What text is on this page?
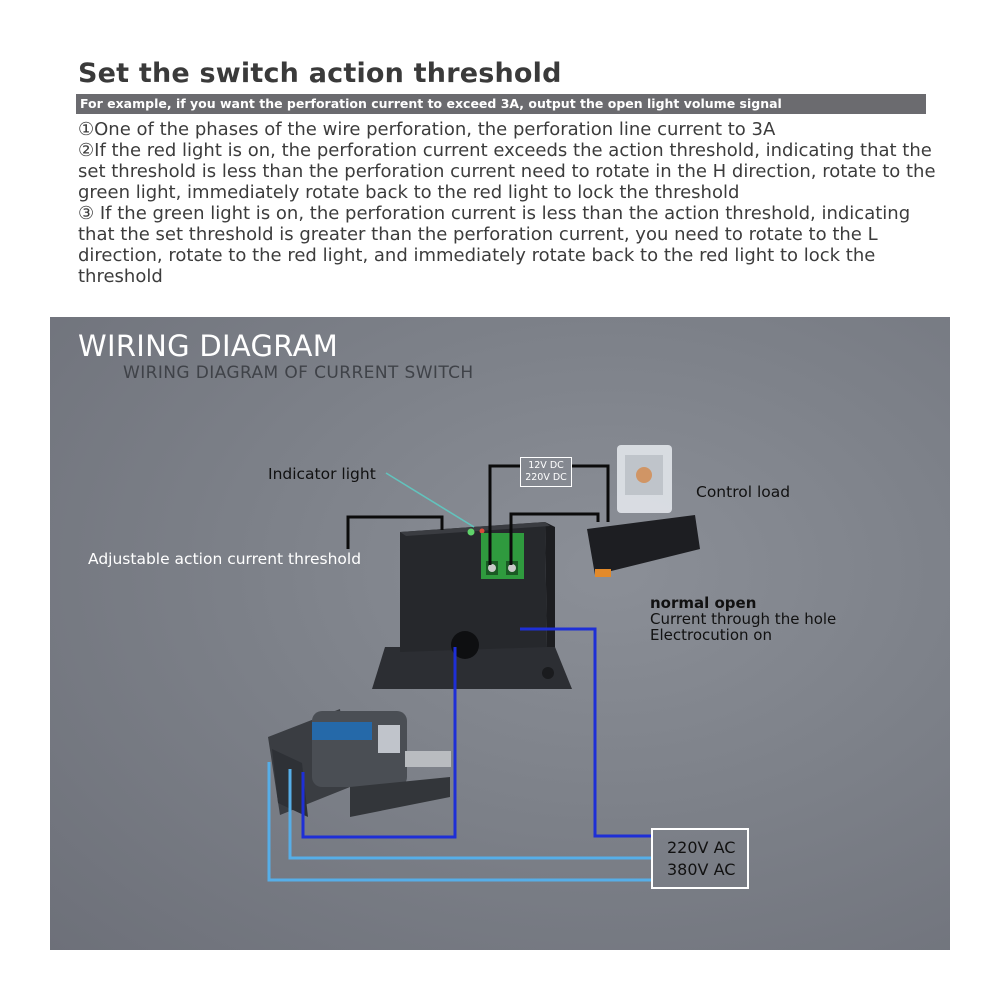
Set the switch action threshold
For example, if you want the perforation current to exceed 3A, output the open light volume signal

①One of the phases of the wire perforation, the perforation line current to 3A

②If the red light is on, the perforation current exceeds the action threshold, indicating that the set threshold is less than the perforation current need to rotate in the H direction, rotate to the green light, immediately rotate back to the red light to lock the threshold

③ If the green light is on, the perforation current is less than the action threshold, indicating that the set threshold is greater than the perforation current, you need to rotate to the L direction, rotate to the red light, and immediately rotate back to the red light to lock the threshold

WIRING DIAGRAM
WIRING DIAGRAM OF CURRENT SWITCH
Indicator light
Adjustable action current threshold
Control load
12V DC
220V DC
normal open
Current through the hole
Electrocution on
220V AC
380V AC
